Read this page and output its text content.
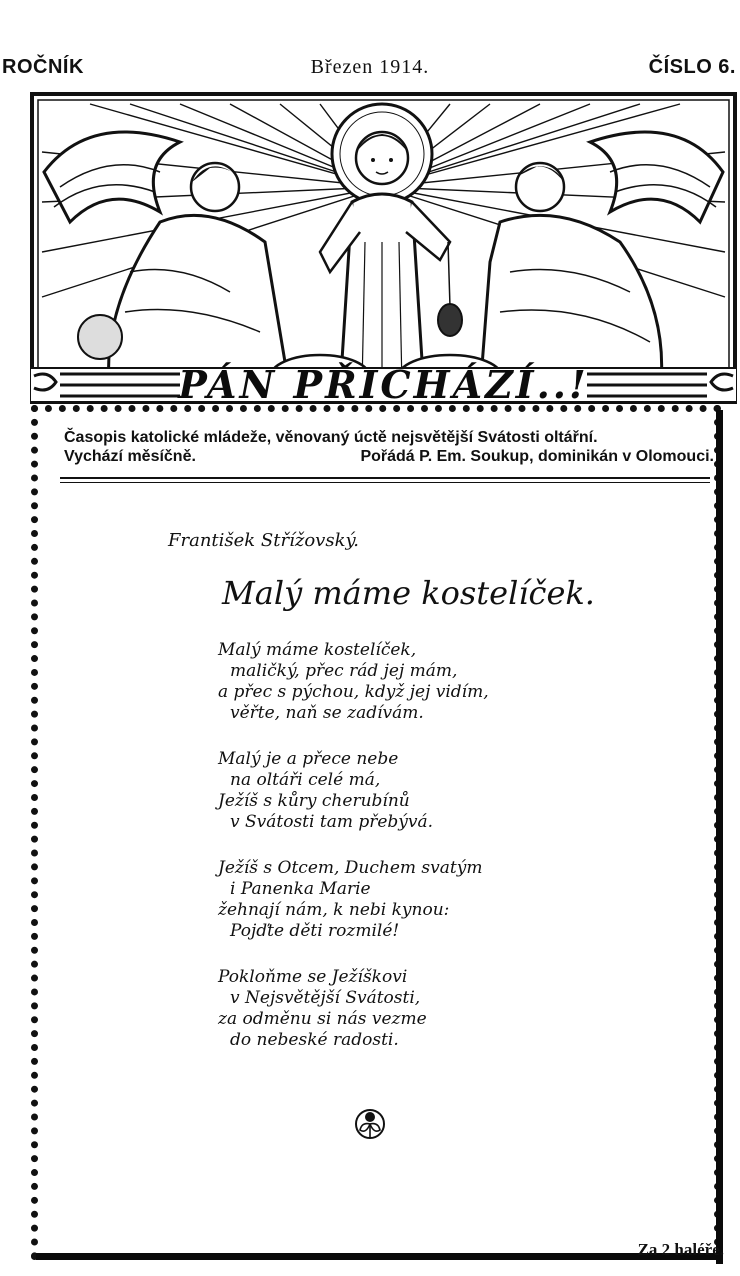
ROČNÍK	Březen 1914.	ČÍSLO 6.
PÁN PŘICHÁZÍ..!
Časopis katolické mládeže, věnovaný úctě nejsvětější Svátosti oltářní.
Vychází měsíčně.	Pořádá P. Em. Soukup, dominikán v Olomouci.
František Střížovský.
Malý máme kostelíček.
Malý máme kostelíček,
maličký, přec rád jej mám,
a přec s pýchou, když jej vidím,
věřte, naň se zadívám.
Malý je a přece nebe
na oltáři celé má,
Ježíš s kůry cherubínů
v Svátosti tam přebývá.
Ježíš s Otcem, Duchem svatým
i Panenka Marie
žehnají nám, k nebi kynou:
Pojďte děti rozmilé!
Pokloňme se Ježíškovi
v Nejsvětější Svátosti,
za odměnu si nás vezme
do nebeské radosti.
Za 2 haléře.
